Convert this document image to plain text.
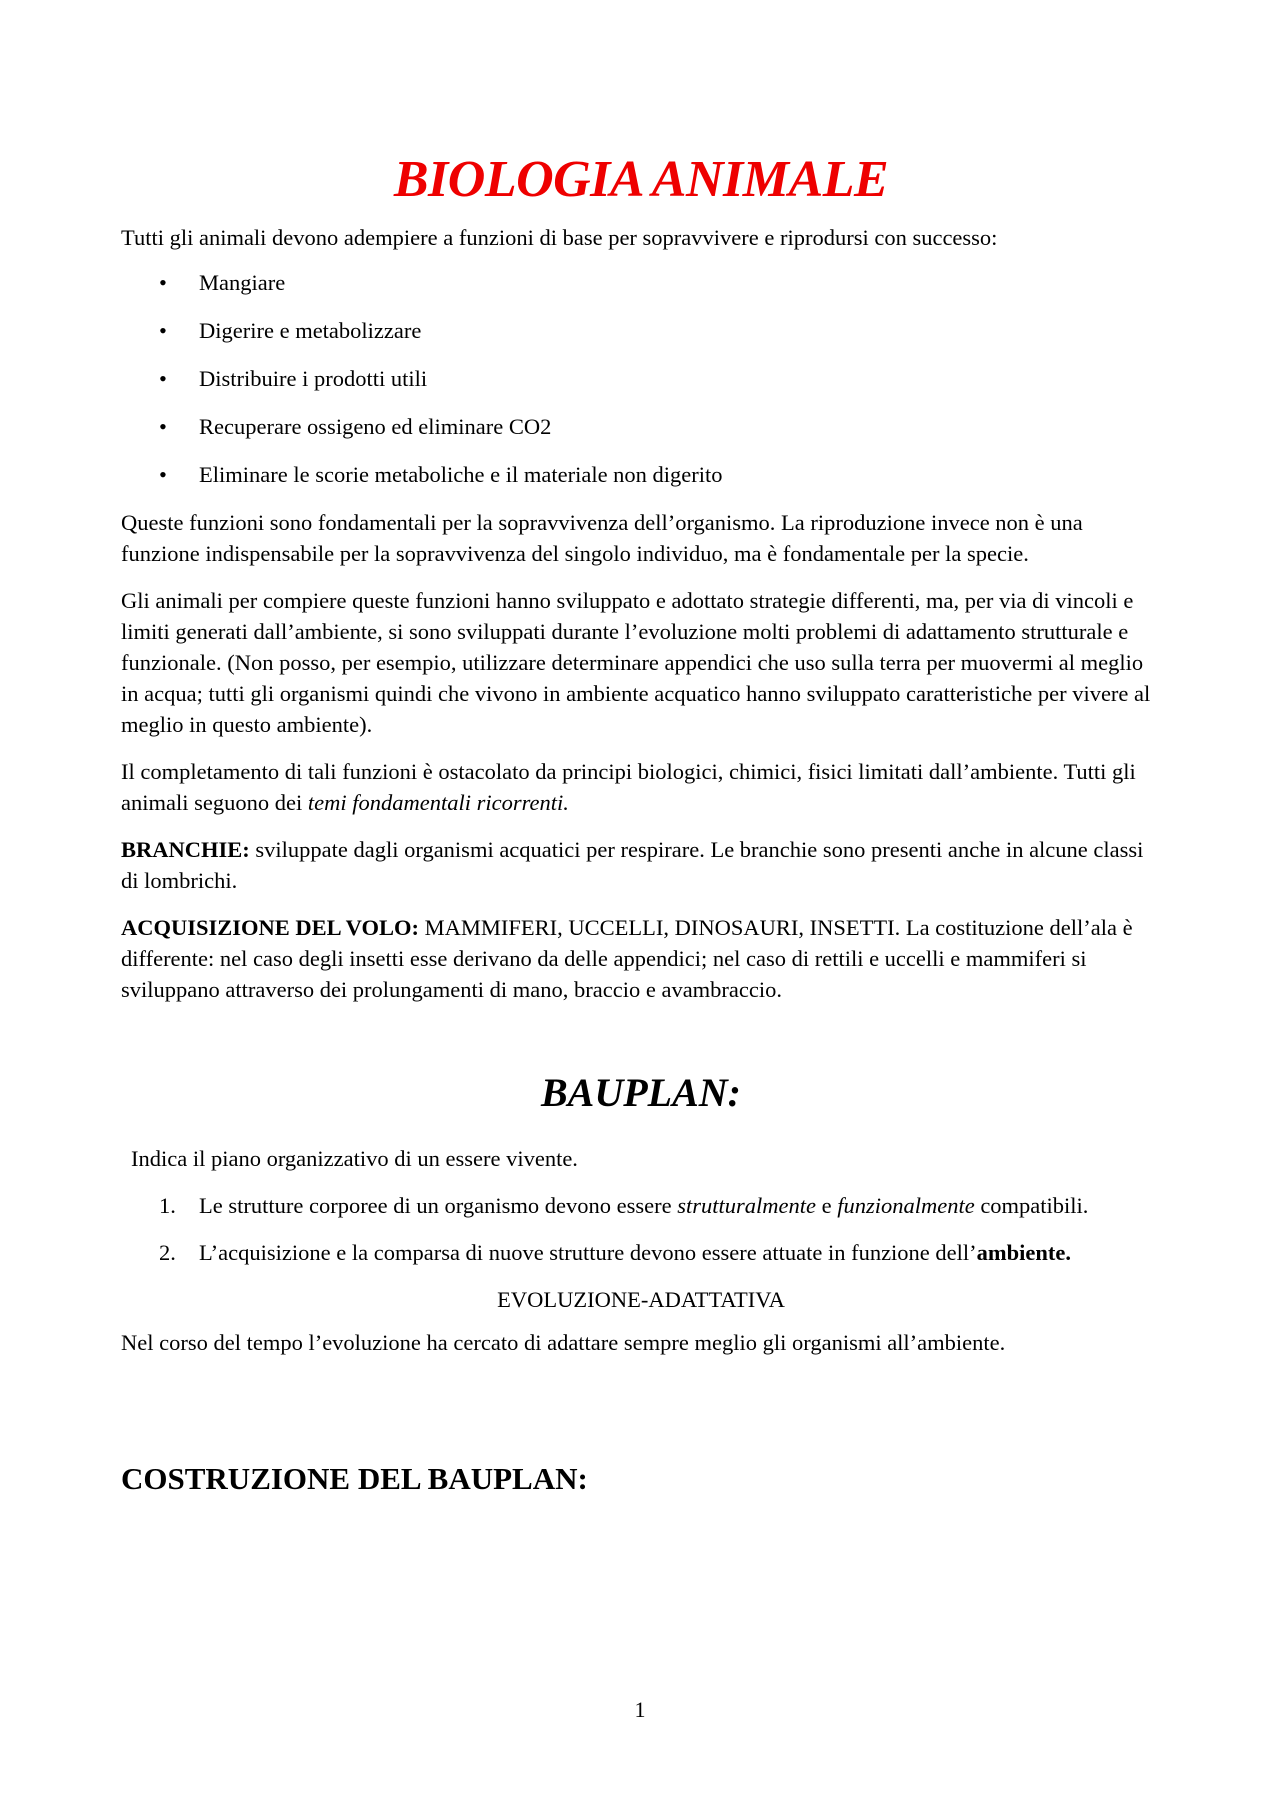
BIOLOGIA ANIMALE

Tutti gli animali devono adempiere a funzioni di base per sopravvivere e riprodursi con successo:

• Mangiare
• Digerire e metabolizzare
• Distribuire i prodotti utili
• Recuperare ossigeno ed eliminare CO2
• Eliminare le scorie metaboliche e il materiale non digerito

Queste funzioni sono fondamentali per la sopravvivenza dell’organismo. La riproduzione invece non è una funzione indispensabile per la sopravvivenza del singolo individuo, ma è fondamentale per la specie.

Gli animali per compiere queste funzioni hanno sviluppato e adottato strategie differenti, ma, per via di vincoli e limiti generati dall’ambiente, si sono sviluppati durante l’evoluzione molti problemi di adattamento strutturale e funzionale. (Non posso, per esempio, utilizzare determinare appendici che uso sulla terra per muovermi al meglio in acqua; tutti gli organismi quindi che vivono in ambiente acquatico hanno sviluppato caratteristiche per vivere al meglio in questo ambiente).

Il completamento di tali funzioni è ostacolato da principi biologici, chimici, fisici limitati dall’ambiente. Tutti gli animali seguono dei temi fondamentali ricorrenti.

BRANCHIE: sviluppate dagli organismi acquatici per respirare. Le branchie sono presenti anche in alcune classi di lombrichi.

ACQUISIZIONE DEL VOLO: MAMMIFERI, UCCELLI, DINOSAURI, INSETTI. La costituzione dell’ala è differente: nel caso degli insetti esse derivano da delle appendici; nel caso di rettili e uccelli e mammiferi si sviluppano attraverso dei prolungamenti di mano, braccio e avambraccio.

BAUPLAN:

Indica il piano organizzativo di un essere vivente.

1. Le strutture corporee di un organismo devono essere strutturalmente e funzionalmente compatibili.
2. L’acquisizione e la comparsa di nuove strutture devono essere attuate in funzione dell’ambiente.

EVOLUZIONE-ADATTATIVA

Nel corso del tempo l’evoluzione ha cercato di adattare sempre meglio gli organismi all’ambiente.

COSTRUZIONE DEL BAUPLAN:
1
